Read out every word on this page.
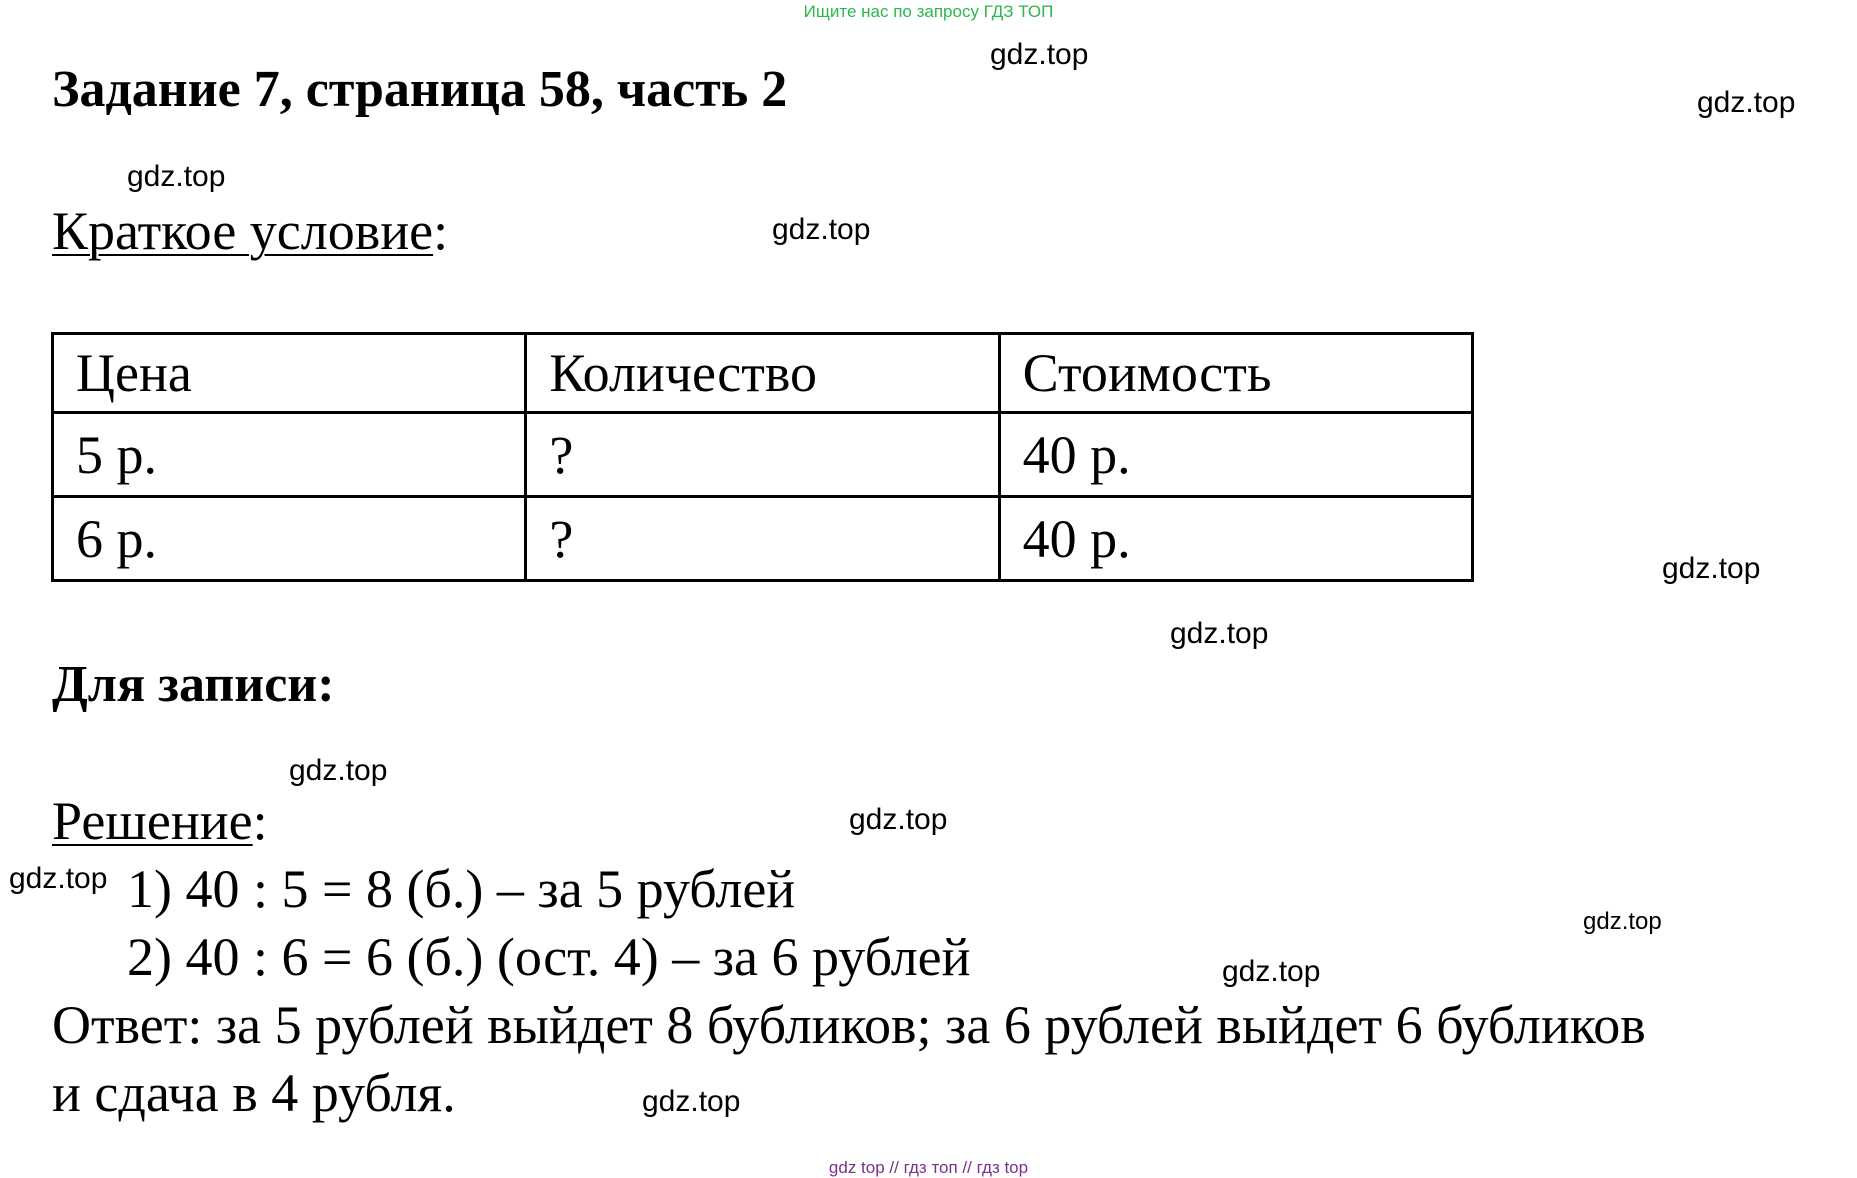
Ищите нас по запросу ГДЗ ТОП
gdz.top
gdz.top
gdz.top
gdz.top
gdz.top
gdz.top
gdz.top
gdz.top
gdz.top
gdz.top
gdz.top
gdz.top
Задание 7, страница 58, часть 2
Краткое условие:
Цена	Количество	Стоимость
5 р.	?	40 р.
6 р.	?	40 р.
Для записи:
Решение:
1) 40 : 5 = 8 (б.) – за 5 рублей
2) 40 : 6 = 6 (б.) (ост. 4) – за 6 рублей
Ответ: за 5 рублей выйдет 8 бубликов; за 6 рублей выйдет 6 бубликов
и сдача в 4 рубля.
gdz top // гдз топ // гдз top
